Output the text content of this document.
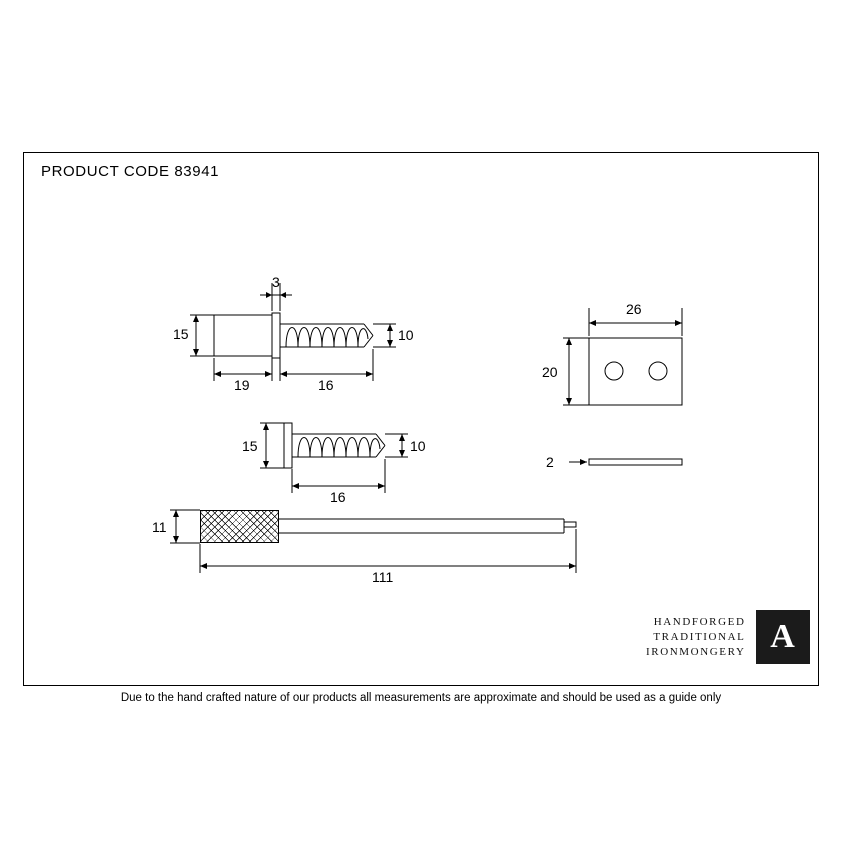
PRODUCT CODE 83941
15
3
10
19	16
15	10
16
11
111
26
20
2
HANDFORGED
TRADITIONAL
IRONMONGERY A
Due to the hand crafted nature of our products all measurements are approximate and should be used as a guide only
